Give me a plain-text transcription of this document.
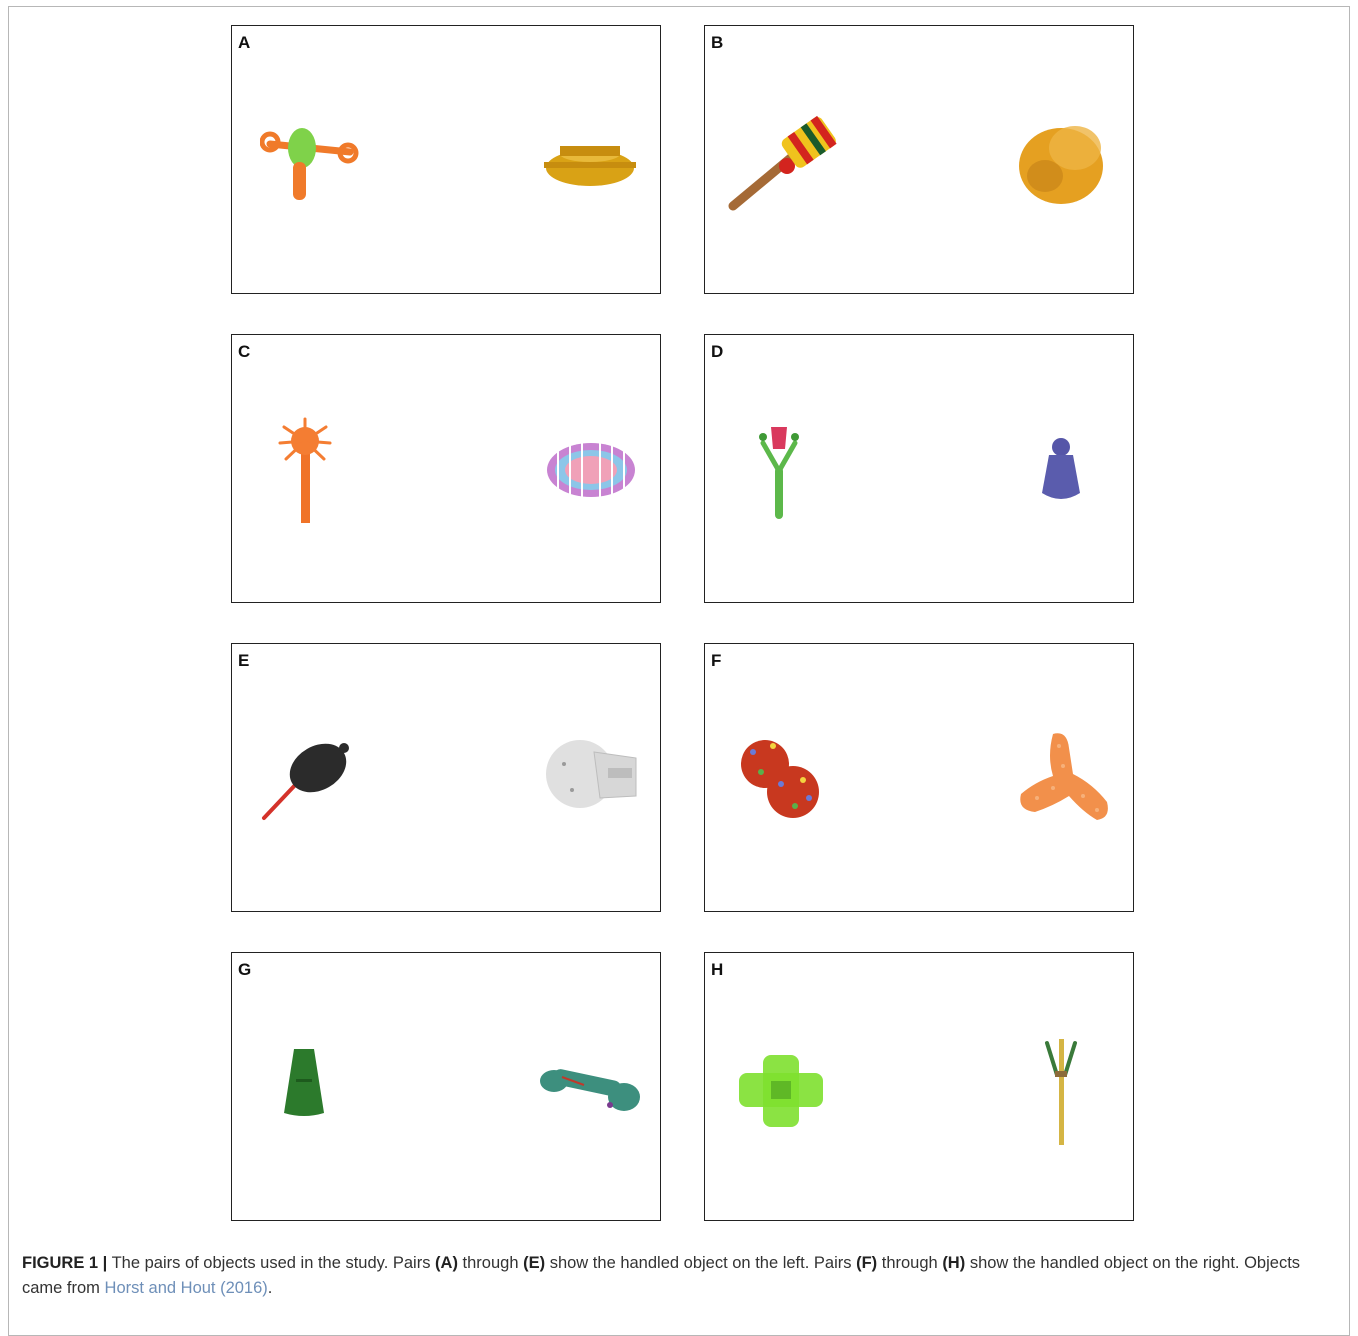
A	B
C	D
E	F
G	H
FIGURE 1 | The pairs of objects used in the study. Pairs (A) through (E) show the handled object on the left. Pairs (F) through (H) show the handled object on the right. Objects came from Horst and Hout (2016).
